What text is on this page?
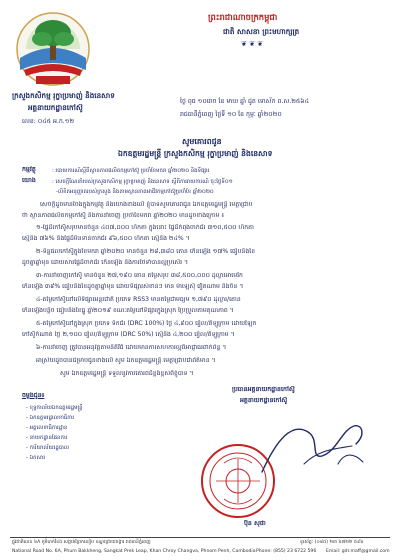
ព្រះរាជាណាចក្រកម្ពុជា
ជាតិ សាសនា ព្រះមហាក្សត្រ
❦ ❦ ❦
ក្រសួងកសិកម្ម រុក្ខាប្រមាញ់ និងនេសាទ
អគ្គនាយកដ្ឋានកៅស៊ូ
លេខ: ០៤៥ អ.ក.១២
ថ្ងៃ ពុធ ១០រោច ខែ មាឃ ឆ្នាំ ជូត ទោស័ក ព.ស.២៥៦៤
រាជធានីភ្នំពេញ ថ្ងៃទី ១០ ខែ កុម្ភៈ ឆ្នាំ២០២០
សូមគោរពជូន
ឯកឧត្តមរដ្ឋមន្ត្រី ក្រសួងកសិកម្ម រុក្ខាប្រមាញ់ និងនេសាទ
កម្មវត្ថុ	: របាយការណ៍ស្តីពីស្ថានភាពផលិតកម្មកៅស៊ូ ប្រចាំខែមករា ឆ្នាំ២០២០ និងទីផ្សារ
យោង	: សេចក្តីណែនាំរបស់ក្រសួងកសិកម្ម រុក្ខាប្រមាញ់ និងនេសាទ ស្តីពីការរាយការណ៍ ចុះថ្ងៃទី០១
-លិខិតអនុញ្ញាតរបស់ក្រសួង និងតាមស្ថានភាពអាជីវកម្មកៅស៊ូប្រចាំខែ ឆ្នាំ២០២០
សេចក្តីដូចមានចែងក្នុងកម្មវត្ថុ និងយោងខាងលើ ខ្ញុំបាទសូមគោរពជូន ឯកឧត្តមរដ្ឋមន្ត្រី មេត្តាជ្រាប
ថា ស្ថានភាពផលិតកម្មកៅស៊ូ និងការនាំចេញ ប្រចាំខែមករា ឆ្នាំ២០២០ មានដូចខាងក្រោម ៖
១-ផ្ទៃដីកៅស៊ូសរុបមានចំនួន ៤០៧,០០០ ហិកតា ក្នុងនោះ ផ្ទៃដីកំពុងចាក់ជ័រ ៣១០,៥០០ ហិកតា
ស្មើនឹង ៧៦% និងផ្ទៃដីមិនទាន់ចាក់ជ័រ ៩៦,៥០០ ហិកតា ស្មើនឹង ២៤% ។
២-ទិន្នផលកៅស៊ូក្នុងខែមករា ឆ្នាំ២០២០ មានចំនួន ២៨,៣៨០ តោន កើនឡើង ១៧% ធៀបនឹងខែ
ដូចគ្នាឆ្នាំមុន ដោយសារផ្ទៃដីចាក់ជ័រ កើនឡើង និងការថែទាំបានល្អប្រសើរ ។
៣-ការនាំចេញកៅស៊ូ មានចំនួន ២៧,១៩០ តោន តម្លៃសរុប ៣៨,៥០០,០០០ ដុល្លារអាមេរិក
កើនឡើង ៣៩% ធៀបនឹងខែដូចគ្នាឆ្នាំមុន ដោយទីផ្សារសំខាន់ៗ មាន ម៉ាឡេស៊ី វៀតណាម និងចិន ។
៤-តម្លៃកៅស៊ូនៅលើទីផ្សារអន្តរជាតិ ប្រភេទ RSS3 មានតម្លៃជាមធ្យម ១,៧៩០ ដុល្លារ/តោន
កើនឡើងបន្តិច ធៀបនឹងខែធ្នូ ឆ្នាំ២០១៩ ខណៈតម្លៃនៅទីផ្សារក្នុងស្រុក ប្រែប្រួលតាមគុណភាព ។
៥-តម្លៃកៅស៊ូនៅក្នុងស្រុក ប្រភេទ ទឹកជ័រ (DRC 100%) ថ្លៃ ៤,៩០០ រៀល/គីឡូក្រាម ដោយឡែក
កៅស៊ូកំណាត់ ថ្លៃ ២,១០០ រៀល/គីឡូក្រាម (DRC 50%) ស្មើនឹង ៤,២០០ រៀល/គីឡូក្រាម ។
៦-ការនាំចេញ ត្រូវបានអនុវត្តតាមនីតិវិធី ដោយមានការសហការល្អពីអាជ្ញាធរពាក់ព័ន្ធ ។
អាស្រ័យដូចបានជម្រាបជូនខាងលើ សូម ឯកឧត្តមរដ្ឋមន្ត្រី មេត្តាជ្រាបជាព័ត៌មាន ។
សូម ឯកឧត្តមរដ្ឋមន្ត្រី ទទួលនូវការគោរពដ៏ខ្ពង់ខ្ពស់ពីខ្ញុំបាទ ។
ចម្លងជូន៖
- ខុទ្ទកាល័យឯកឧត្តមរដ្ឋមន្ត្រី
- ឯកឧត្តមរដ្ឋលេខាធិការ
- អគ្គលេខាធិការដ្ឋាន
- នាយកដ្ឋានផែនការ
- ការិយាល័យរដ្ឋបាល
- ឯកសារ
ប្រធានអគ្គនាយកដ្ឋានកៅស៊ូ
អគ្គនាយកដ្ឋានកៅស៊ូ
ប៊ុន សុផា
ផ្លូវជាតិលេខ ៦A ភូមិបាក់ខែង សង្កាត់ព្រែកលៀប ខណ្ឌជ្រោយចង្វារ រាជធានីភ្នំពេញ
National Road No. 6A, Phum Bakkheng, Sangkat Prek Leap, Khan Chroy Changva, Phnom Penh, Cambodia
ទូរស័ព្ទ: (០៨៥) ២៣ ៦៧២២ ៥៩៦
Phone: (855) 23 6722 596 Email: gdr.maff@gmail.com
